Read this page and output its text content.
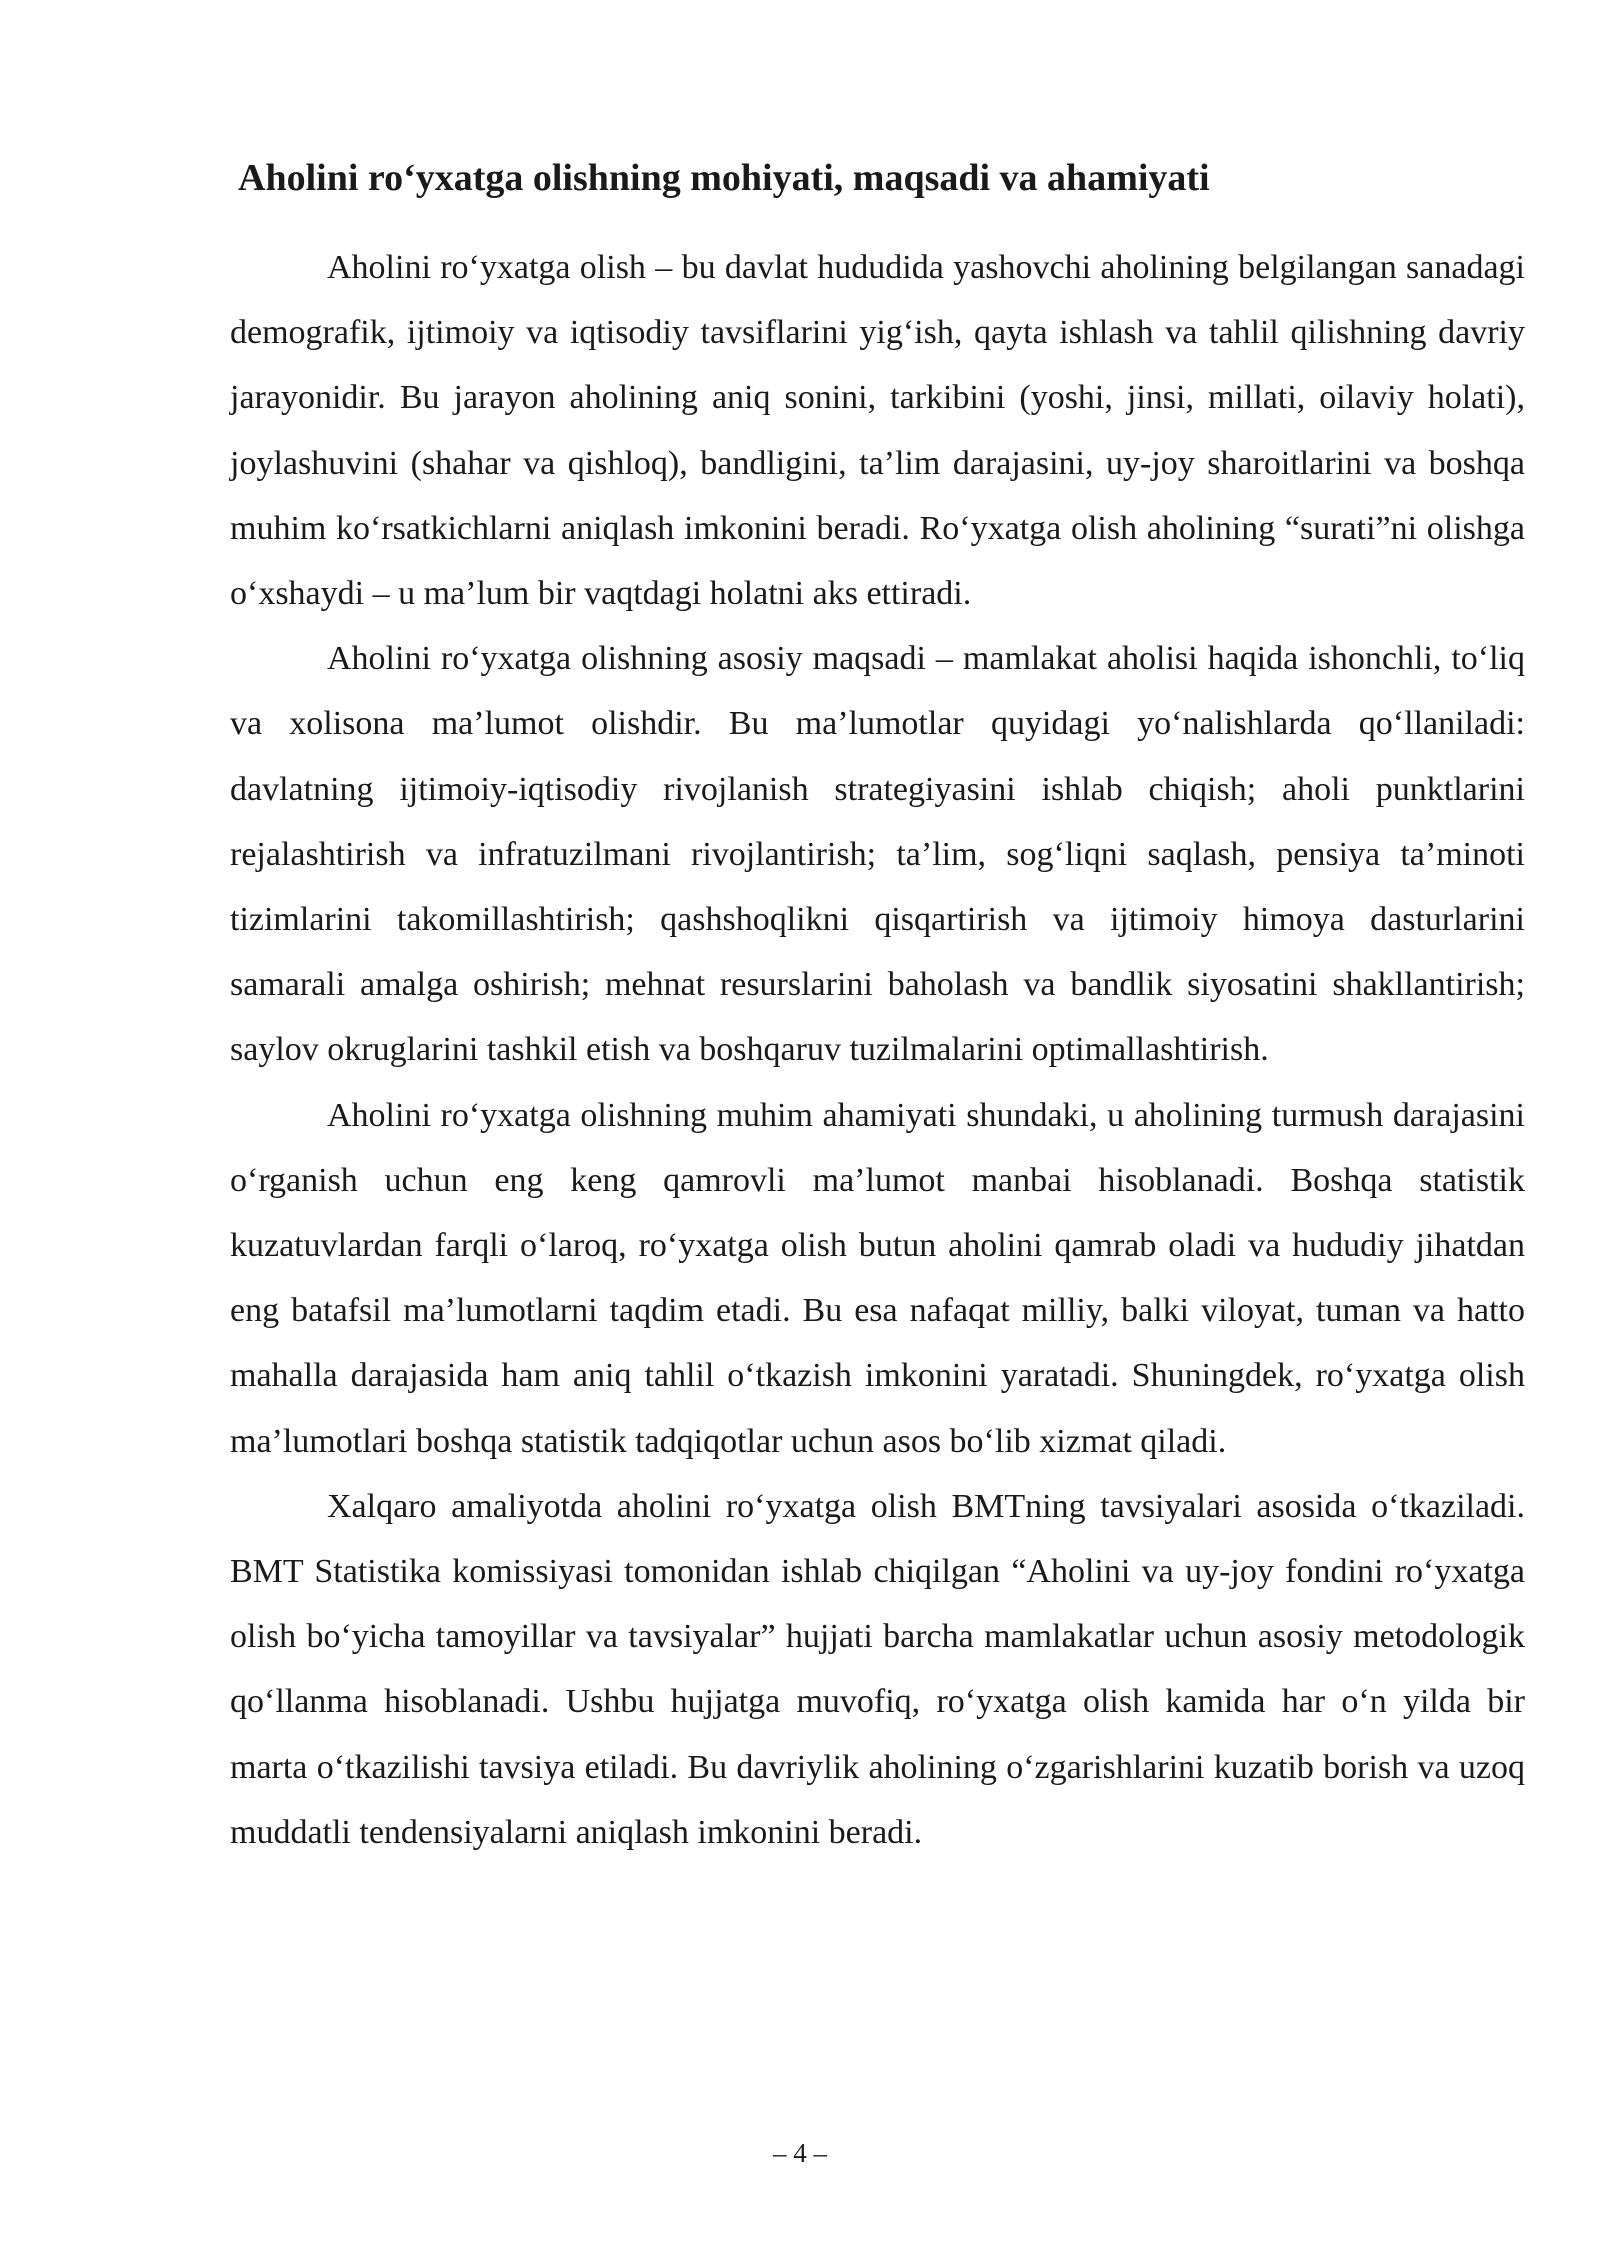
Aholini roʻyxatga olishning mohiyati, maqsadi va ahamiyati

Aholini roʻyxatga olish – bu davlat hududida yashovchi aholining belgilangan sanadagi demografik, ijtimoiy va iqtisodiy tavsiflarini yigʻish, qayta ishlash va tahlil qilishning davriy jarayonidir. Bu jarayon aholining aniq sonini, tarkibini (yoshi, jinsi, millati, oilaviy holati), joylashuvini (shahar va qishloq), bandligini, ta’lim darajasini, uy-joy sharoitlarini va boshqa muhim koʻrsatkichlarni aniqlash imkonini beradi. Roʻyxatga olish aholining “surati”ni olishga oʻxshaydi – u ma’lum bir vaqtdagi holatni aks ettiradi.

Aholini roʻyxatga olishning asosiy maqsadi – mamlakat aholisi haqida ishonchli, toʻliq va xolisona ma’lumot olishdir. Bu ma’lumotlar quyidagi yoʻnalishlarda qoʻllaniladi: davlatning ijtimoiy-iqtisodiy rivojlanish strategiyasini ishlab chiqish; aholi punktlarini rejalashtirish va infratuzilmani rivojlantirish; ta’lim, sogʻliqni saqlash, pensiya ta’minoti tizimlarini takomillashtirish; qashshoqlikni qisqartirish va ijtimoiy himoya dasturlarini samarali amalga oshirish; mehnat resurslarini baholash va bandlik siyosatini shakllantirish; saylov okruglarini tashkil etish va boshqaruv tuzilmalarini optimallashtirish.

Aholini roʻyxatga olishning muhim ahamiyati shundaki, u aholining turmush darajasini oʻrganish uchun eng keng qamrovli ma’lumot manbai hisoblanadi. Boshqa statistik kuzatuvlardan farqli oʻlaroq, roʻyxatga olish butun aholini qamrab oladi va hududiy jihatdan eng batafsil ma’lumotlarni taqdim etadi. Bu esa nafaqat milliy, balki viloyat, tuman va hatto mahalla darajasida ham aniq tahlil oʻtkazish imkonini yaratadi. Shuningdek, roʻyxatga olish ma’lumotlari boshqa statistik tadqiqotlar uchun asos boʻlib xizmat qiladi.

Xalqaro amaliyotda aholini roʻyxatga olish BMTning tavsiyalari asosida oʻtkaziladi. BMT Statistika komissiyasi tomonidan ishlab chiqilgan “Aholini va uy-joy fondini roʻyxatga olish boʻyicha tamoyillar va tavsiyalar” hujjati barcha mamlakatlar uchun asosiy metodologik qoʻllanma hisoblanadi. Ushbu hujjatga muvofiq, roʻyxatga olish kamida har oʻn yilda bir marta oʻtkazilishi tavsiya etiladi. Bu davriylik aholining oʻzgarishlarini kuzatib borish va uzoq muddatli tendensiyalarni aniqlash imkonini beradi.

– 4 –
